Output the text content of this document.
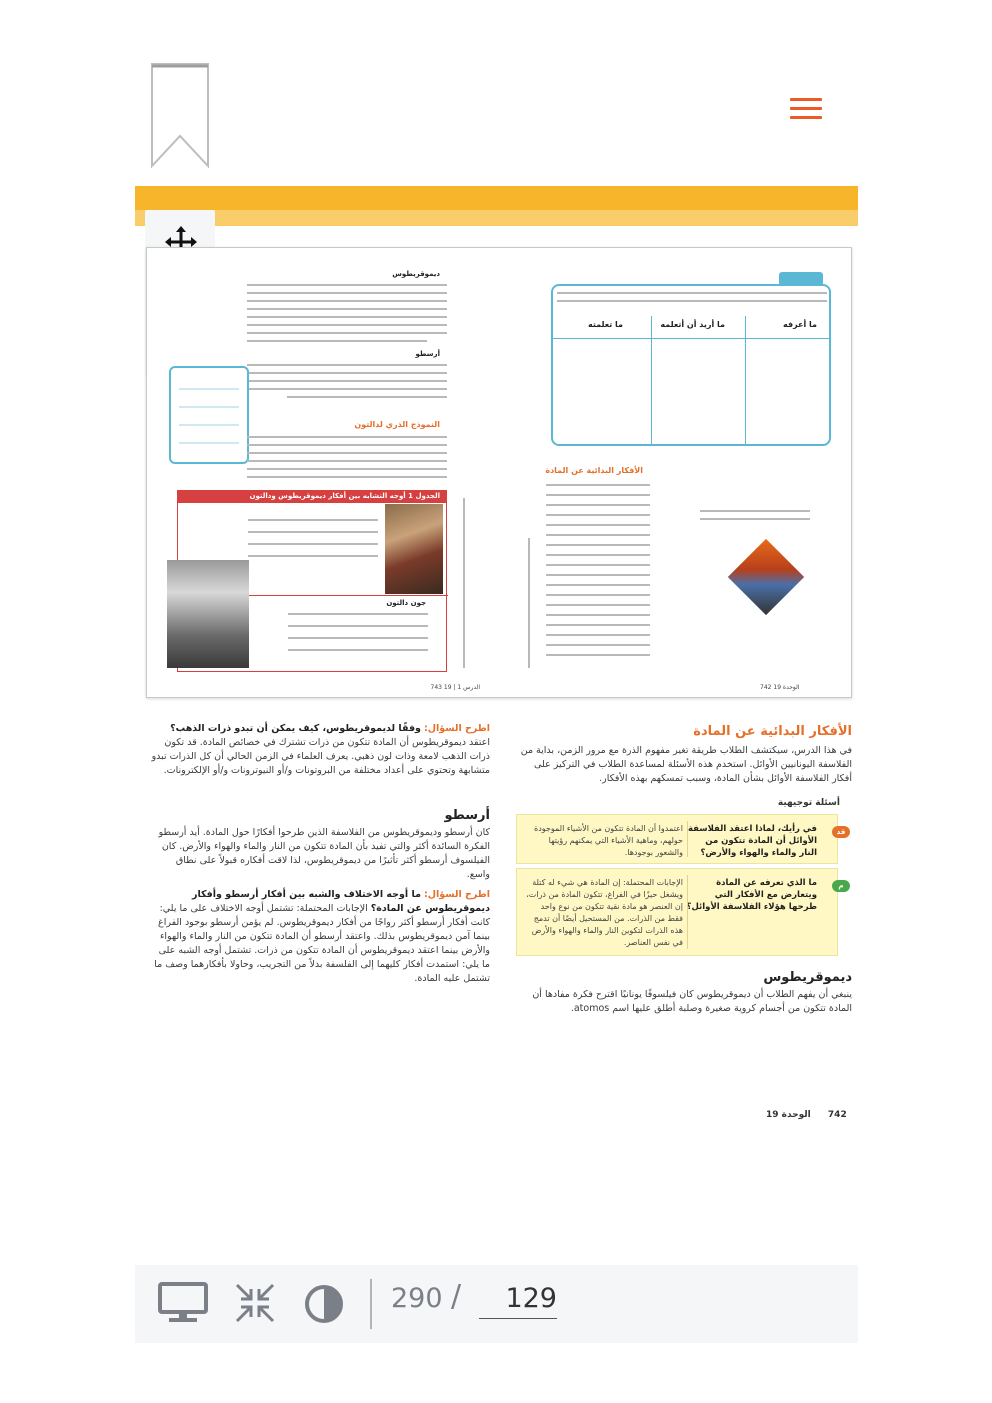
ديموقريطوس
أرسطو
النموذج الذري لدالتون
الجدول 1 أوجه التشابه بين أفكار ديموقريطوس ودالتون
جون دالتون
الدرس 1 | 19 743
الأفكار البدائية عن المادة
الوحدة 19 742
ما أعرفه
ما أريد أن أتعلمه
ما تعلمته
الأفكار البدائية عن المادة
في هذا الدرس، سيكتشف الطلاب طريقة تغير مفهوم الذرة مع مرور الزمن، بداية من الفلاسفة اليونانيين الأوائل. استخدم هذه الأسئلة لمساعدة الطلاب في التركيز على أفكار الفلاسفة الأوائل بشأن المادة، وسبب تمسكهم بهذه الأفكار.
أسئلة توجيهية
في رأيك، لماذا اعتقد الفلاسفة الأوائل أن المادة تتكون من النار والماء والهواء والأرض؟
اعتمدوا أن المادة تتكون من الأشياء الموجودة حولهم، وماهية الأشياء التي يمكنهم رؤيتها والشعور بوجودها.
قد
ما الذي تعرفه عن المادة ويتعارض مع الأفكار التي طرحها هؤلاء الفلاسفة الأوائل؟
الإجابات المحتملة: إن المادة هي شيء له كتلة ويشغل حيزًا في الفراغ، تتكون المادة من ذرات، إن العنصر هو مادة نقية تتكون من نوع واحد فقط من الذرات. من المستحيل أيضًا أن تدمج هذه الذرات لتكوين النار والماء والهواء والأرض في نفس العناصر.
م
ديموقريطوس
ينبغي أن يفهم الطلاب أن ديموقريطوس كان فيلسوفًا يونانيًا اقترح فكرة مفادها أن المادة تتكون من أجسام كروية صغيرة وصلبة أطلق عليها اسم atomos.
اطرح السؤال: وفقًا لديموقريطوس، كيف يمكن أن تبدو ذرات الذهب؟ اعتقد ديموقريطوس أن المادة تتكون من ذرات تشترك في خصائص المادة. قد تكون ذرات الذهب لامعة وذات لون ذهبي. يعرف العلماء في الزمن الحالي أن كل الذرات تبدو متشابهة وتحتوي على أعداد مختلفة من البروتونات و/أو النيوترونات و/أو الإلكترونات.
أرسطو
كان أرسطو وديموقريطوس من الفلاسفة الذين طرحوا أفكارًا حول المادة. أيد أرسطو الفكرة السائدة أكثر والتي تفيد بأن المادة تتكون من النار والماء والهواء والأرض. كان الفيلسوف أرسطو أكثر تأثيرًا من ديموقريطوس، لذا لاقت أفكاره قبولاً على نطاق واسع.
اطرح السؤال: ما أوجه الاختلاف والشبه بين أفكار أرسطو وأفكار ديموقريطوس عن المادة؟ الإجابات المحتملة: تشتمل أوجه الاختلاف على ما يلي: كانت أفكار أرسطو أكثر رواجًا من أفكار ديموقريطوس. لم يؤمن أرسطو بوجود الفراغ بينما آمن ديموقريطوس بذلك. واعتقد أرسطو أن المادة تتكون من النار والماء والهواء والأرض بينما اعتقد ديموقريطوس أن المادة تتكون من ذرات. تشتمل أوجه الشبه على ما يلي: استمدت أفكار كليهما إلى الفلسفة بدلاً من التجريب، وحاولا بأفكارهما وصف ما تشتمل عليه المادة.
742 الوحدة 19
290 /
129
